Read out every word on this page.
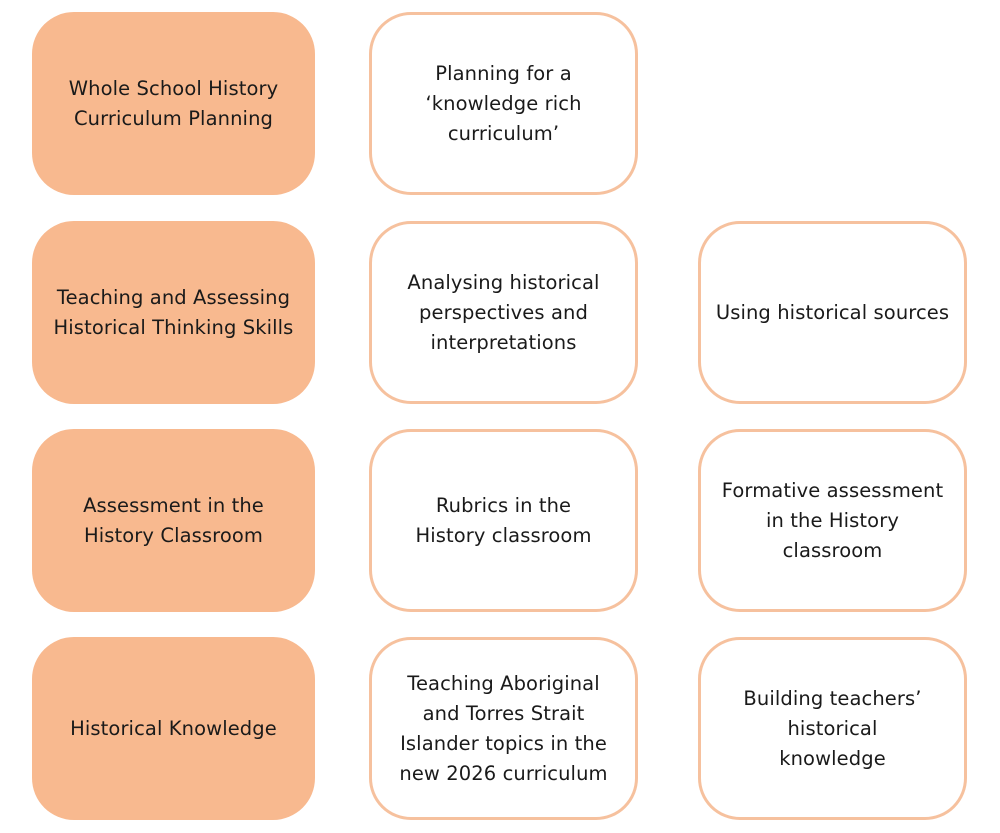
Whole School History Curriculum Planning
Planning for a ‘knowledge rich curriculum’
Teaching and Assessing Historical Thinking Skills
Analysing historical perspectives and interpretations
Using historical sources
Assessment in the History Classroom
Rubrics in the History classroom
Formative assessment in the History classroom
Historical Knowledge
Teaching Aboriginal and Torres Strait Islander topics in the new 2026 curriculum
Building teachers’ historical knowledge
